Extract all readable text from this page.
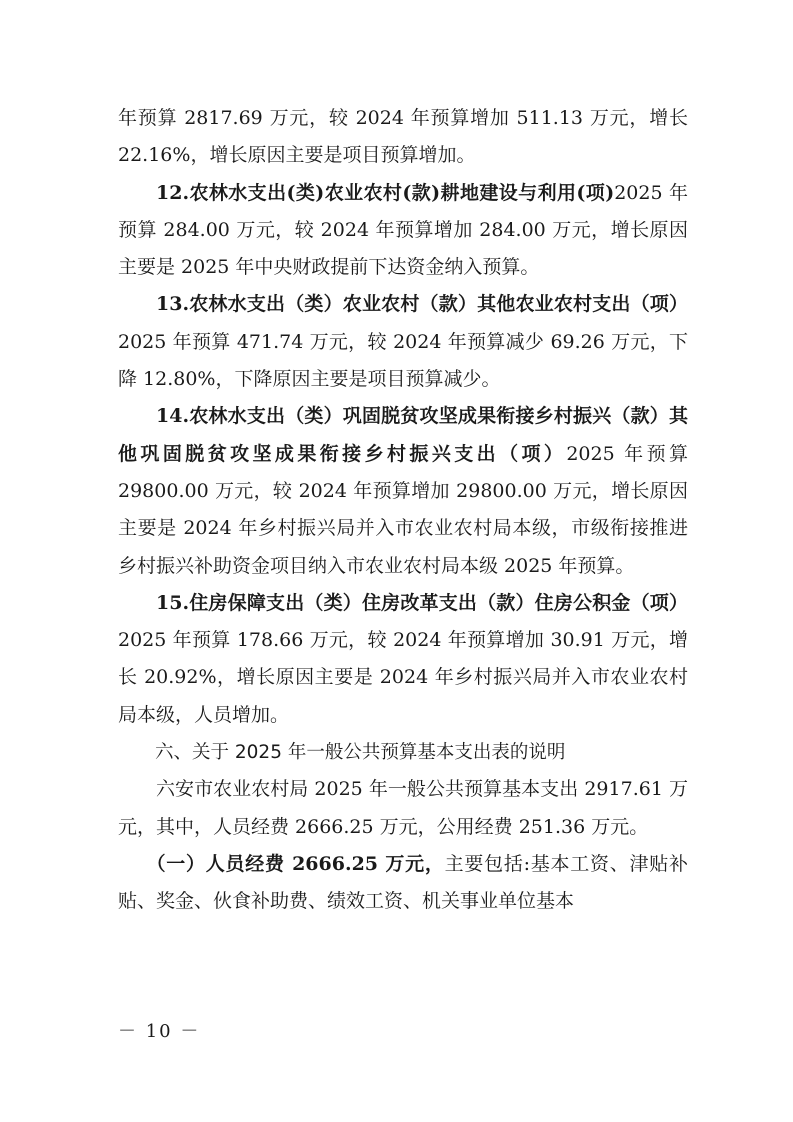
年预算 2817.69 万元，较 2024 年预算增加 511.13 万元，增长 22.16%，增长原因主要是项目预算增加。

12.农林水支出(类)农业农村(款)耕地建设与利用(项)2025 年预算 284.00 万元，较 2024 年预算增加 284.00 万元，增长原因主要是 2025 年中央财政提前下达资金纳入预算。

13.农林水支出（类）农业农村（款）其他农业农村支出（项）2025 年预算 471.74 万元，较 2024 年预算减少 69.26 万元，下降 12.80%，下降原因主要是项目预算减少。

14.农林水支出（类）巩固脱贫攻坚成果衔接乡村振兴（款）其他巩固脱贫攻坚成果衔接乡村振兴支出（项）2025 年预算 29800.00 万元，较 2024 年预算增加 29800.00 万元，增长原因主要是 2024 年乡村振兴局并入市农业农村局本级，市级衔接推进乡村振兴补助资金项目纳入市农业农村局本级 2025 年预算。

15.住房保障支出（类）住房改革支出（款）住房公积金（项）2025 年预算 178.66 万元，较 2024 年预算增加 30.91 万元，增长 20.92%，增长原因主要是 2024 年乡村振兴局并入市农业农村局本级，人员增加。

六、关于 2025 年一般公共预算基本支出表的说明

六安市农业农村局 2025 年一般公共预算基本支出 2917.61 万元，其中，人员经费 2666.25 万元，公用经费 251.36 万元。

（一）人员经费 2666.25 万元，主要包括:基本工资、津贴补贴、奖金、伙食补助费、绩效工资、机关事业单位基本

－ 10 －
